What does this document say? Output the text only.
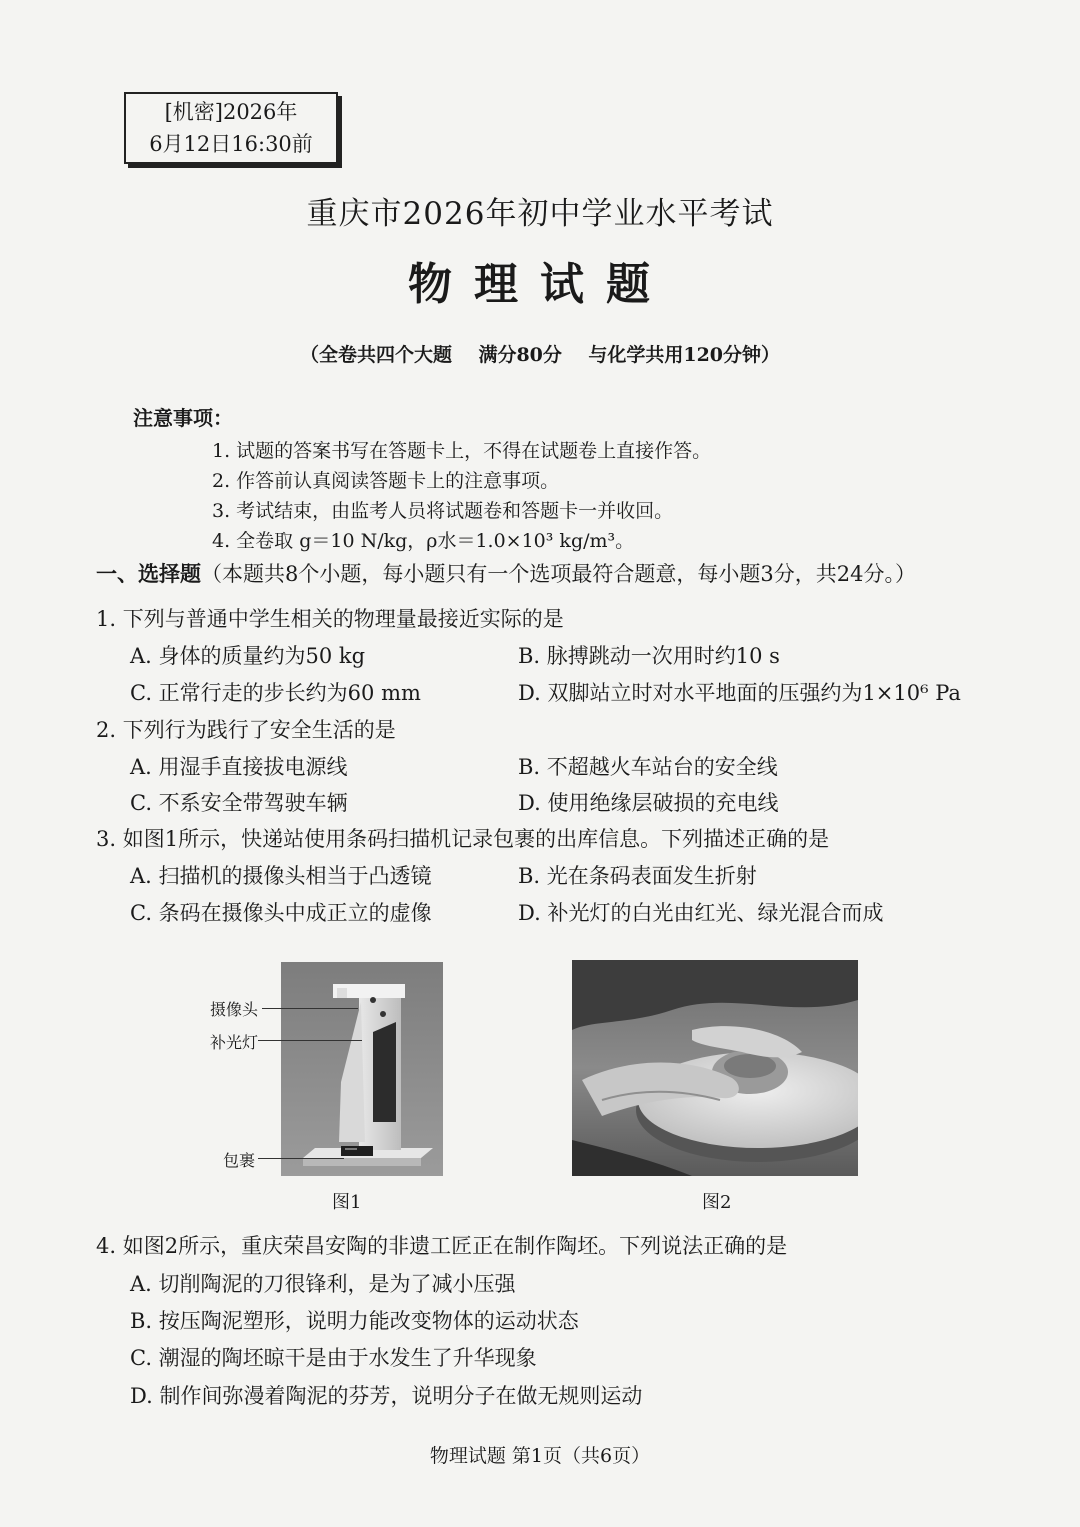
[机密]2026年
6月12日16:30前
重庆市2026年初中学业水平考试
物理试题
（全卷共四个大题    满分80分    与化学共用120分钟）
注意事项：
1. 试题的答案书写在答题卡上，不得在试题卷上直接作答。
2. 作答前认真阅读答题卡上的注意事项。
3. 考试结束，由监考人员将试题卷和答题卡一并收回。
4. 全卷取 g＝10 N/kg，ρ水＝1.0×10³ kg/m³。
一、选择题（本题共8个小题，每小题只有一个选项最符合题意，每小题3分，共24分。）
1. 下列与普通中学生相关的物理量最接近实际的是
A. 身体的质量约为50 kg	B. 脉搏跳动一次用时约10 s
C. 正常行走的步长约为60 mm	D. 双脚站立时对水平地面的压强约为1×10⁶ Pa
2. 下列行为践行了安全生活的是
A. 用湿手直接拔电源线	B. 不超越火车站台的安全线
C. 不系安全带驾驶车辆	D. 使用绝缘层破损的充电线
3. 如图1所示，快递站使用条码扫描机记录包裹的出库信息。下列描述正确的是
A. 扫描机的摄像头相当于凸透镜	B. 光在条码表面发生折射
C. 条码在摄像头中成正立的虚像	D. 补光灯的白光由红光、绿光混合而成
摄像头
补光灯
包裹
图1	图2
4. 如图2所示，重庆荣昌安陶的非遗工匠正在制作陶坯。下列说法正确的是
A. 切削陶泥的刀很锋利，是为了减小压强
B. 按压陶泥塑形，说明力能改变物体的运动状态
C. 潮湿的陶坯晾干是由于水发生了升华现象
D. 制作间弥漫着陶泥的芬芳，说明分子在做无规则运动
物理试题 第1页（共6页）
